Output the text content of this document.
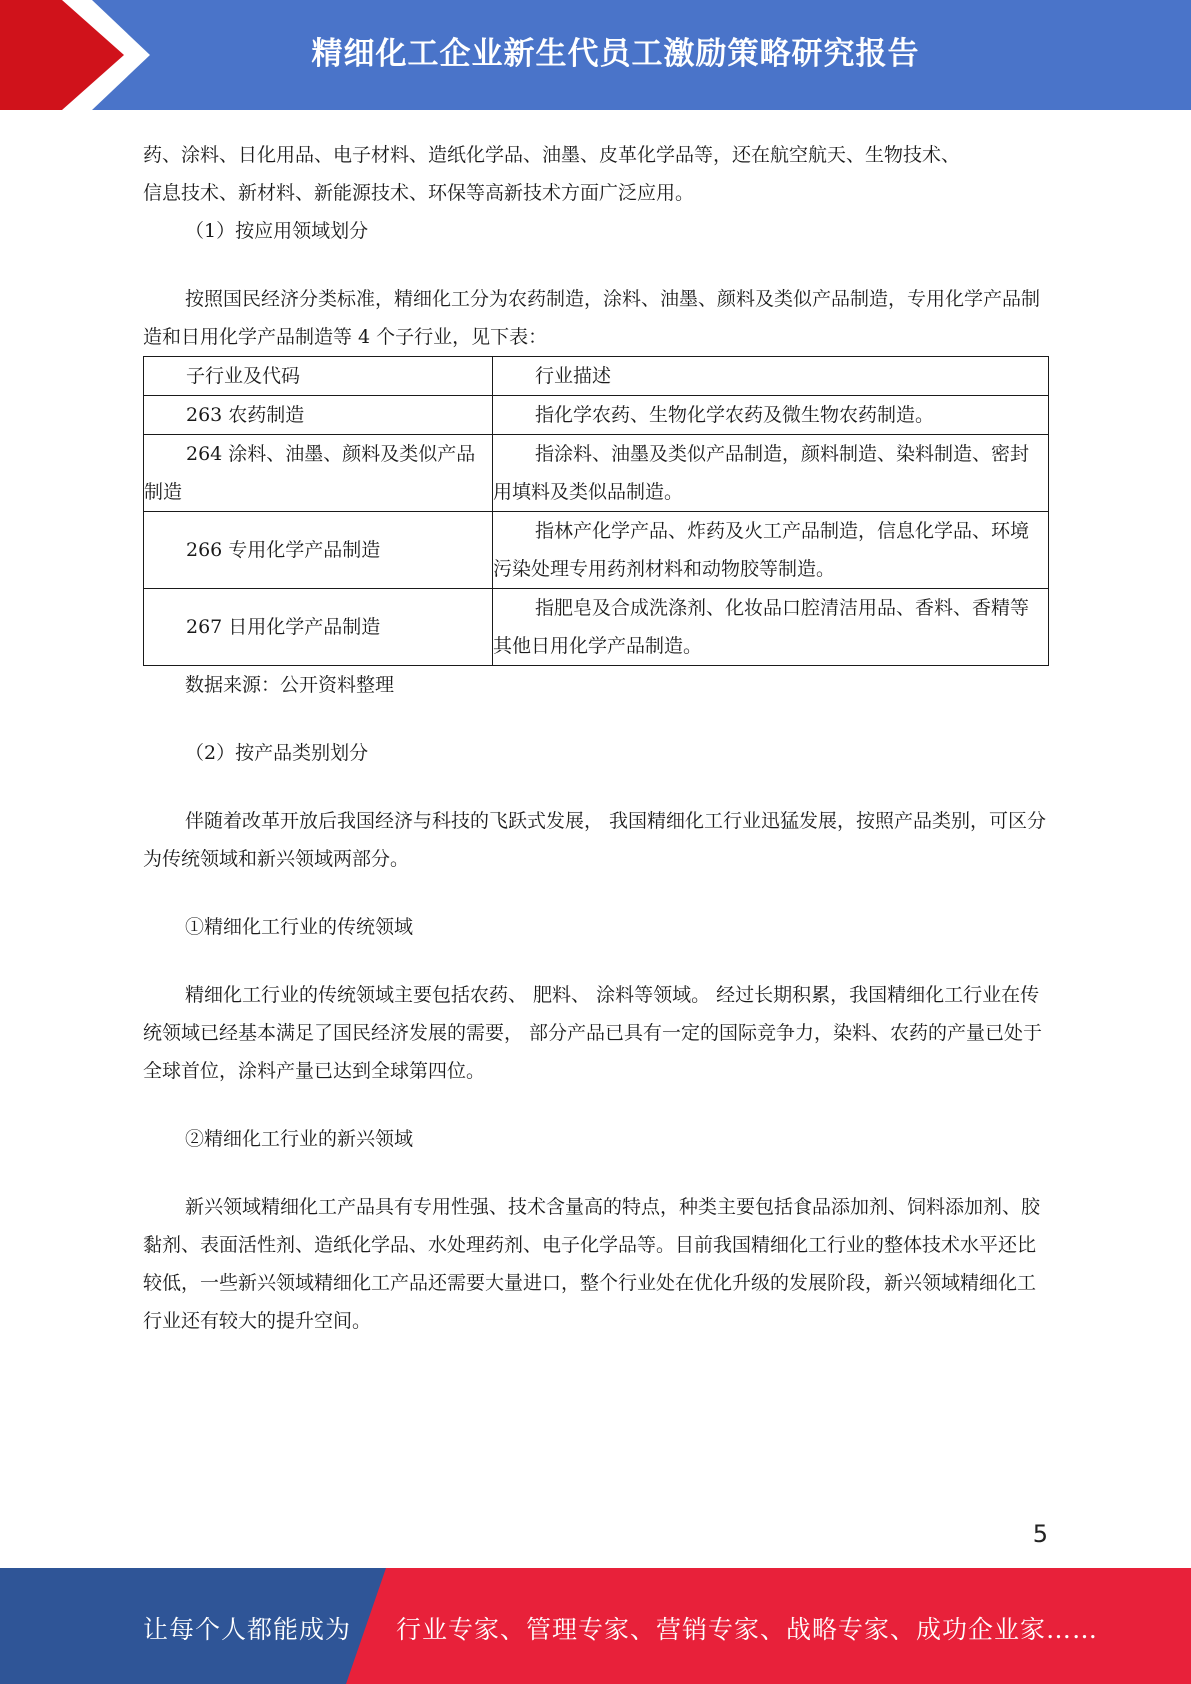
精细化工企业新生代员工激励策略研究报告

药、涂料、日化用品、电子材料、造纸化学品、油墨、皮革化学品等，还在航空航天、生物技术、

信息技术、新材料、新能源技术、环保等高新技术方面广泛应用。

（1）按应用领域划分

按照国民经济分类标准，精细化工分为农药制造，涂料、油墨、颜料及类似产品制造，专用化学产品制造和日用化学产品制造等 4 个子行业，见下表：

子行业及代码	行业描述
263 农药制造	指化学农药、生物化学农药及微生物农药制造。
264 涂料、油墨、颜料及类似产品制造	指涂料、油墨及类似产品制造，颜料制造、染料制造、密封用填料及类似品制造。
266 专用化学产品制造	指林产化学产品、炸药及火工产品制造，信息化学品、环境污染处理专用药剂材料和动物胶等制造。
267 日用化学产品制造	指肥皂及合成洗涤剂、化妆品口腔清洁用品、香料、香精等其他日用化学产品制造。

数据来源：公开资料整理

（2）按产品类别划分

伴随着改革开放后我国经济与科技的飞跃式发展， 我国精细化工行业迅猛发展，按照产品类别，可区分为传统领域和新兴领域两部分。

①精细化工行业的传统领域

精细化工行业的传统领域主要包括农药、 肥料、 涂料等领域。 经过长期积累，我国精细化工行业在传统领域已经基本满足了国民经济发展的需要， 部分产品已具有一定的国际竞争力，染料、农药的产量已处于全球首位，涂料产量已达到全球第四位。

②精细化工行业的新兴领域

新兴领域精细化工产品具有专用性强、技术含量高的特点，种类主要包括食品添加剂、饲料添加剂、胶黏剂、表面活性剂、造纸化学品、水处理药剂、电子化学品等。目前我国精细化工行业的整体技术水平还比较低，一些新兴领域精细化工产品还需要大量进口，整个行业处在优化升级的发展阶段，新兴领域精细化工行业还有较大的提升空间。

5
让每个人都能成为 行业专家、管理专家、营销专家、战略专家、成功企业家……
